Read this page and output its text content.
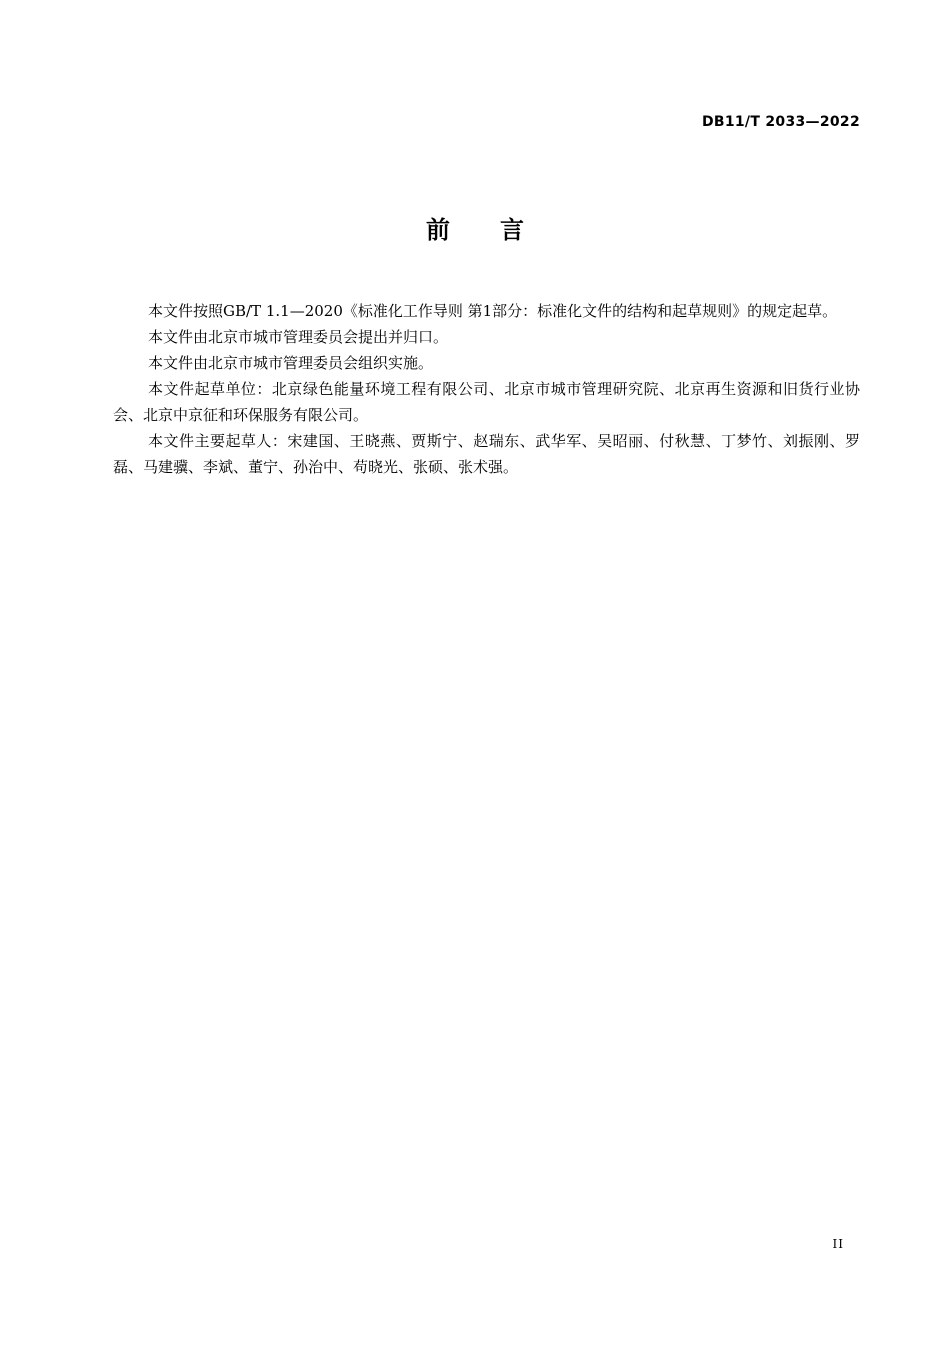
DB11/T 2033—2022
前言

本文件按照GB/T 1.1—2020《标准化工作导则 第1部分：标准化文件的结构和起草规则》的规定起草。

本文件由北京市城市管理委员会提出并归口。

本文件由北京市城市管理委员会组织实施。

本文件起草单位：北京绿色能量环境工程有限公司、北京市城市管理研究院、北京再生资源和旧货行业协会、北京中京征和环保服务有限公司。

本文件主要起草人：宋建国、王晓燕、贾斯宁、赵瑞东、武华军、吴昭丽、付秋慧、丁梦竹、刘振刚、罗磊、马建骥、李斌、董宁、孙治中、苟晓光、张硕、张术强。

II
